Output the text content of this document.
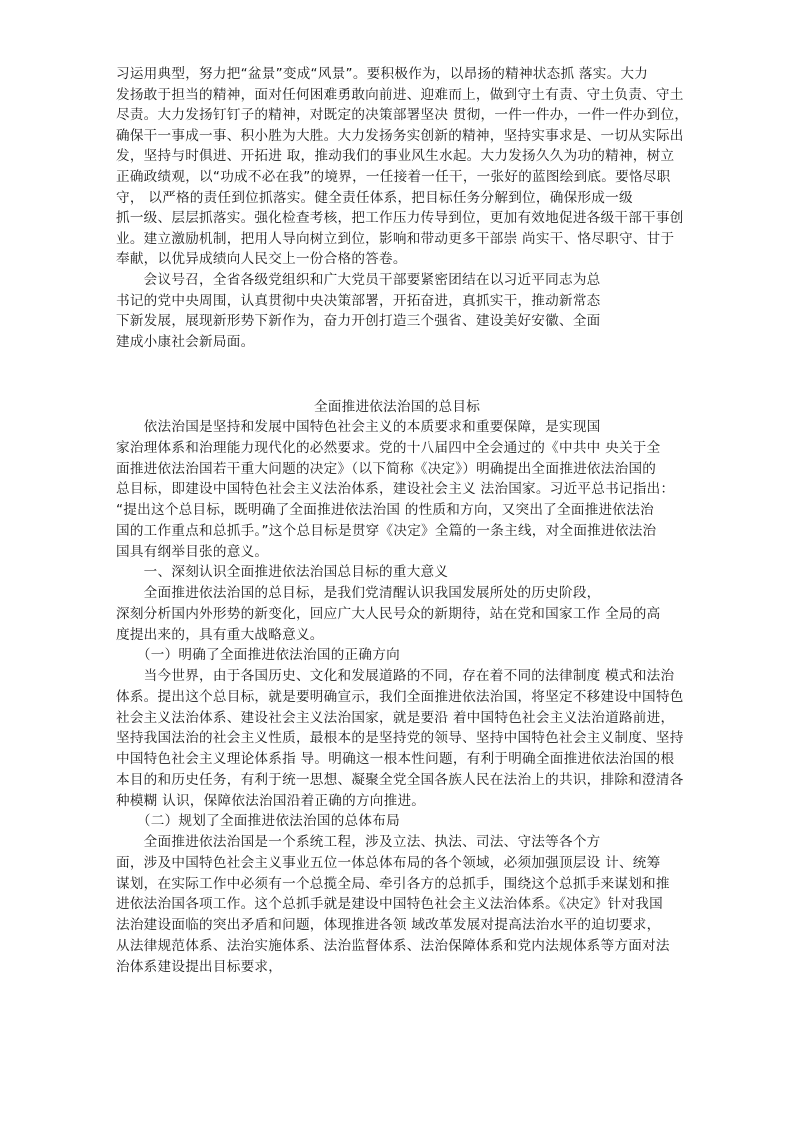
习运用典型，努力把“盆景”变成“风景”。要积极作为，以昂扬的精神状态抓 落实。大力
发扬敢于担当的精神，面对任何困难勇敢向前进、迎难而上，做到守土有责、守土负责、守土
尽责。大力发扬钉钉子的精神，对既定的决策部署坚决 贯彻，一件一件办，一件一件办到位，
确保干一事成一事、积小胜为大胜。大力发扬务实创新的精神，坚持实事求是、一切从实际出
发，坚持与时俱进、开拓进 取，推动我们的事业风生水起。大力发扬久久为功的精神，树立
正确政绩观，以“功成不必在我”的境界，一任接着一任干，一张好的蓝图绘到底。要恪尽职
守， 以严格的责任到位抓落实。健全责任体系，把目标任务分解到位，确保形成一级
抓一级、层层抓落实。强化检查考核，把工作压力传导到位，更加有效地促进各级干部干事创
业。建立激励机制，把用人导向树立到位，影响和带动更多干部崇 尚实干、恪尽职守、甘于
奉献，以优异成绩向人民交上一份合格的答卷。
　　会议号召，全省各级党组织和广大党员干部要紧密团结在以习近平同志为总
书记的党中央周围，认真贯彻中央决策部署，开拓奋进，真抓实干，推动新常态
下新发展，展现新形势下新作为，奋力开创打造三个强省、建设美好安徽、全面
建成小康社会新局面。
全面推进依法治国的总目标
　　依法治国是坚持和发展中国特色社会主义的本质要求和重要保障，是实现国
家治理体系和治理能力现代化的必然要求。党的十八届四中全会通过的《中共中 央关于全
面推进依法治国若干重大问题的决定》（以下简称《决定》）明确提出全面推进依法治国的
总目标，即建设中国特色社会主义法治体系，建设社会主义 法治国家。习近平总书记指出：
“提出这个总目标，既明确了全面推进依法治国 的性质和方向，又突出了全面推进依法治
国的工作重点和总抓手。”这个总目标是贯穿《决定》全篇的一条主线，对全面推进依法治
国具有纲举目张的意义。
　　一、深刻认识全面推进依法治国总目标的重大意义
　　全面推进依法治国的总目标，是我们党清醒认识我国发展所处的历史阶段，
深刻分析国内外形势的新变化，回应广大人民号众的新期待，站在党和国家工作 全局的高
度提出来的，具有重大战略意义。
　　（一）明确了全面推进依法治国的正确方向
　　当今世界，由于各国历史、文化和发展道路的不同，存在着不同的法律制度 模式和法治
体系。提出这个总目标，就是要明确宣示，我们全面推进依法治国，将坚定不移建设中国特色
社会主义法治体系、建设社会主义法治国家，就是要沿 着中国特色社会主义法治道路前进，
坚持我国法治的社会主义性质，最根本的是坚持党的领导、坚持中国特色社会主义制度、坚持
中国特色社会主义理论体系指 导。明确这一根本性问题，有利于明确全面推进依法治国的根
本目的和历史任务，有利于统一思想、凝聚全党全国各族人民在法治上的共识，排除和澄清各
种模糊 认识，保障依法治国沿着正确的方向推进。
　　（二）规划了全面推进依法治国的总体布局
　　全面推进依法治国是一个系统工程，涉及立法、执法、司法、守法等各个方
面，涉及中国特色社会主义事业五位一体总体布局的各个领域，必须加强顶层设 计、统筹
谋划，在实际工作中必须有一个总揽全局、牵引各方的总抓手，围绕这个总抓手来谋划和推
进依法治国各项工作。这个总抓手就是建设中国特色社会主义法治体系。《决定》针对我国
法治建设面临的突出矛盾和问题，体现推进各领 域改革发展对提高法治水平的迫切要求，
从法律规范体系、法治实施体系、法治监督体系、法治保障体系和党内法规体系等方面对法
治体系建设提出目标要求，
